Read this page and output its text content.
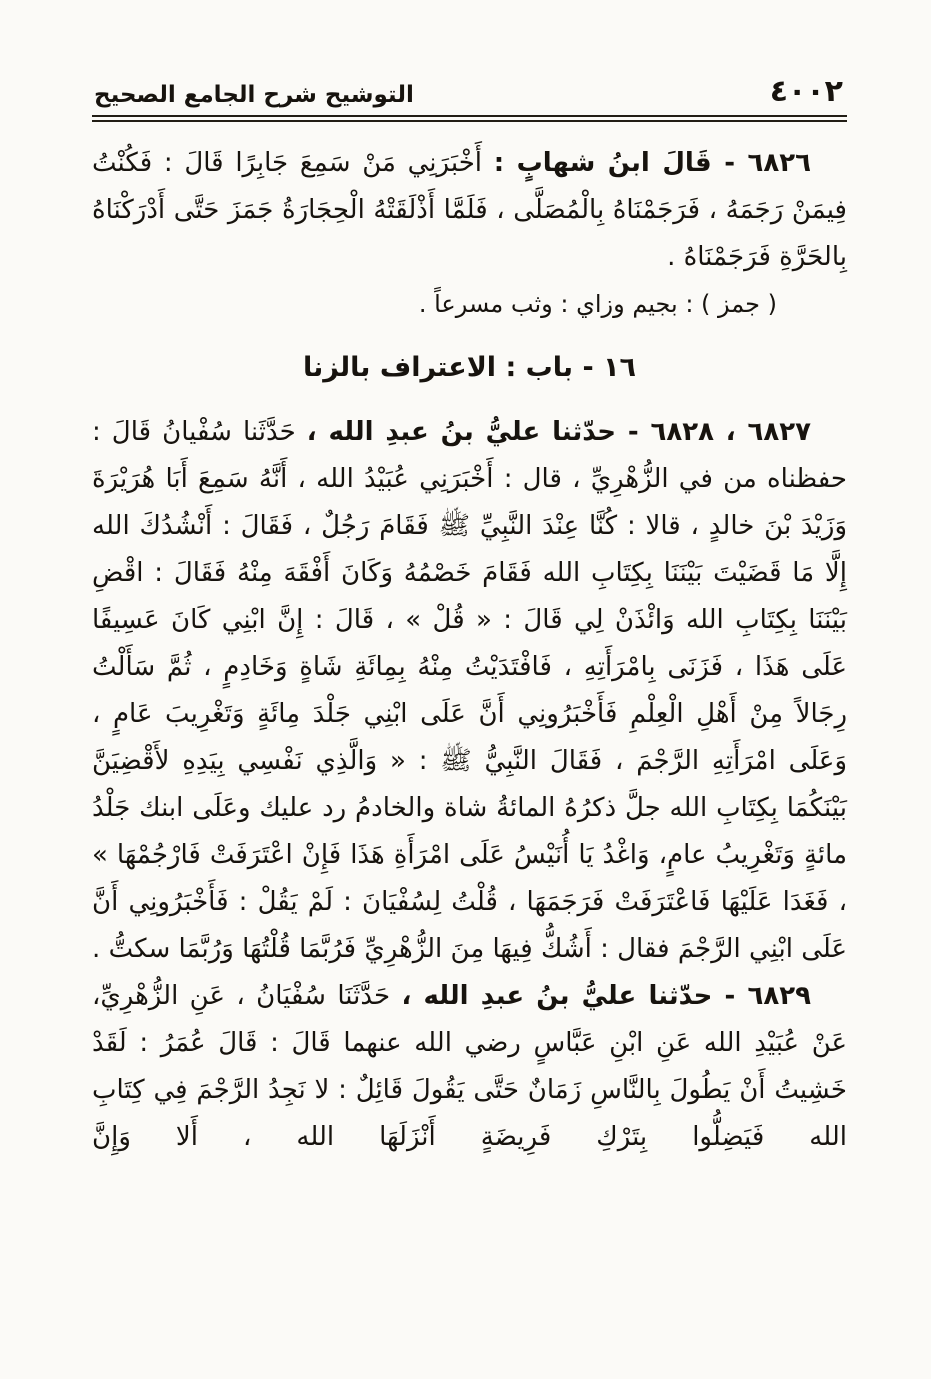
٤٠٠٢
التوشيح شرح الجامع الصحيح

٦٨٢٦ - قَالَ ابنُ شهابٍ : أَخْبَرَنِي مَنْ سَمِعَ جَابِرًا قَالَ : فَكُنْتُ فِيمَنْ رَجَمَهُ ، فَرَجَمْنَاهُ بِالْمُصَلَّى ، فَلَمَّا أَذْلَقَتْهُ الْحِجَارَةُ جَمَزَ حَتَّى أَدْرَكْنَاهُ بِالحَرَّةِ فَرَجَمْنَاهُ .

( جمز ) : بجيم وزاي : وثب مسرعاً .

١٦ - باب : الاعتراف بالزنا

٦٨٢٧ ، ٦٨٢٨ - حدّثنا عليُّ بنُ عبدِ الله ، حَدَّثَنا سُفْيانُ قَالَ : حفظناه من في الزُّهْرِيِّ ، قال : أَخْبَرَنِي عُبَيْدُ الله ، أَنَّهُ سَمِعَ أَبَا هُرَيْرَةَ وَزَيْدَ بْنَ خالدٍ ، قالا : كُنَّا عِنْدَ النَّبِيِّ ﷺ فَقَامَ رَجُلٌ ، فَقَالَ : أَنْشُدُكَ الله إِلَّا مَا قَضَيْتَ بَيْنَنَا بِكِتَابِ الله فَقَامَ خَصْمُهُ وَكَانَ أَفْقَهَ مِنْهُ فَقَالَ : اقْضِ بَيْنَنَا بِكِتَابِ الله وَائْذَنْ لِي قَالَ : « قُلْ » ، قَالَ : إِنَّ ابْنِي كَانَ عَسِيفًا عَلَى هَذَا ، فَزَنَى بِامْرَأَتِهِ ، فَافْتَدَيْتُ مِنْهُ بِمِائَةِ شَاةٍ وَخَادِمٍ ، ثُمَّ سَأَلْتُ رِجَالاً مِنْ أَهْلِ الْعِلْمِ فَأَخْبَرُونِي أَنَّ عَلَى ابْنِي جَلْدَ مِائَةٍ وَتَغْرِيبَ عَامٍ ، وَعَلَى امْرَأَتِهِ الرَّجْمَ ، فَقَالَ النَّبِيُّ ﷺ : « وَالَّذِي نَفْسِي بِيَدِهِ لأَقْضِيَنَّ بَيْنَكُمَا بِكِتَابِ الله جلَّ ذكرُهُ المائةُ شاة والخادمُ رد عليك وعَلَى ابنك جَلْدُ مائةٍ وَتَغْرِيبُ عامٍ، وَاغْدُ يَا أُنَيْسُ عَلَى امْرَأَةِ هَذَا فَإِنْ اعْتَرَفَتْ فَارْجُمْهَا » ، فَغَدَا عَلَيْهَا فَاعْتَرَفَتْ فَرَجَمَهَا ، قُلْتُ لِسُفْيَانَ : لَمْ يَقُلْ : فَأَخْبَرُونِي أَنَّ عَلَى ابْنِي الرَّجْمَ فقال : أَشُكُّ فِيهَا مِنَ الزُّهْرِيِّ فَرُبَّمَا قُلْتُهَا وَرُبَّمَا سكتُّ .

٦٨٢٩ - حدّثنا عليُّ بنُ عبدِ الله ، حَدَّثَنَا سُفْيَانُ ، عَنِ الزُّهْرِيِّ، عَنْ عُبَيْدِ الله عَنِ ابْنِ عَبَّاسٍ رضي الله عنهما قَالَ : قَالَ عُمَرُ : لَقَدْ خَشِيتُ أَنْ يَطُولَ بِالنَّاسِ زَمَانٌ حَتَّى يَقُولَ قَائِلٌ : لا نَجِدُ الرَّجْمَ فِي كِتَابِ الله فَيَضِلُّوا بِتَرْكِ فَرِيضَةٍ أَنْزَلَهَا الله ، أَلا وَإِنَّ
